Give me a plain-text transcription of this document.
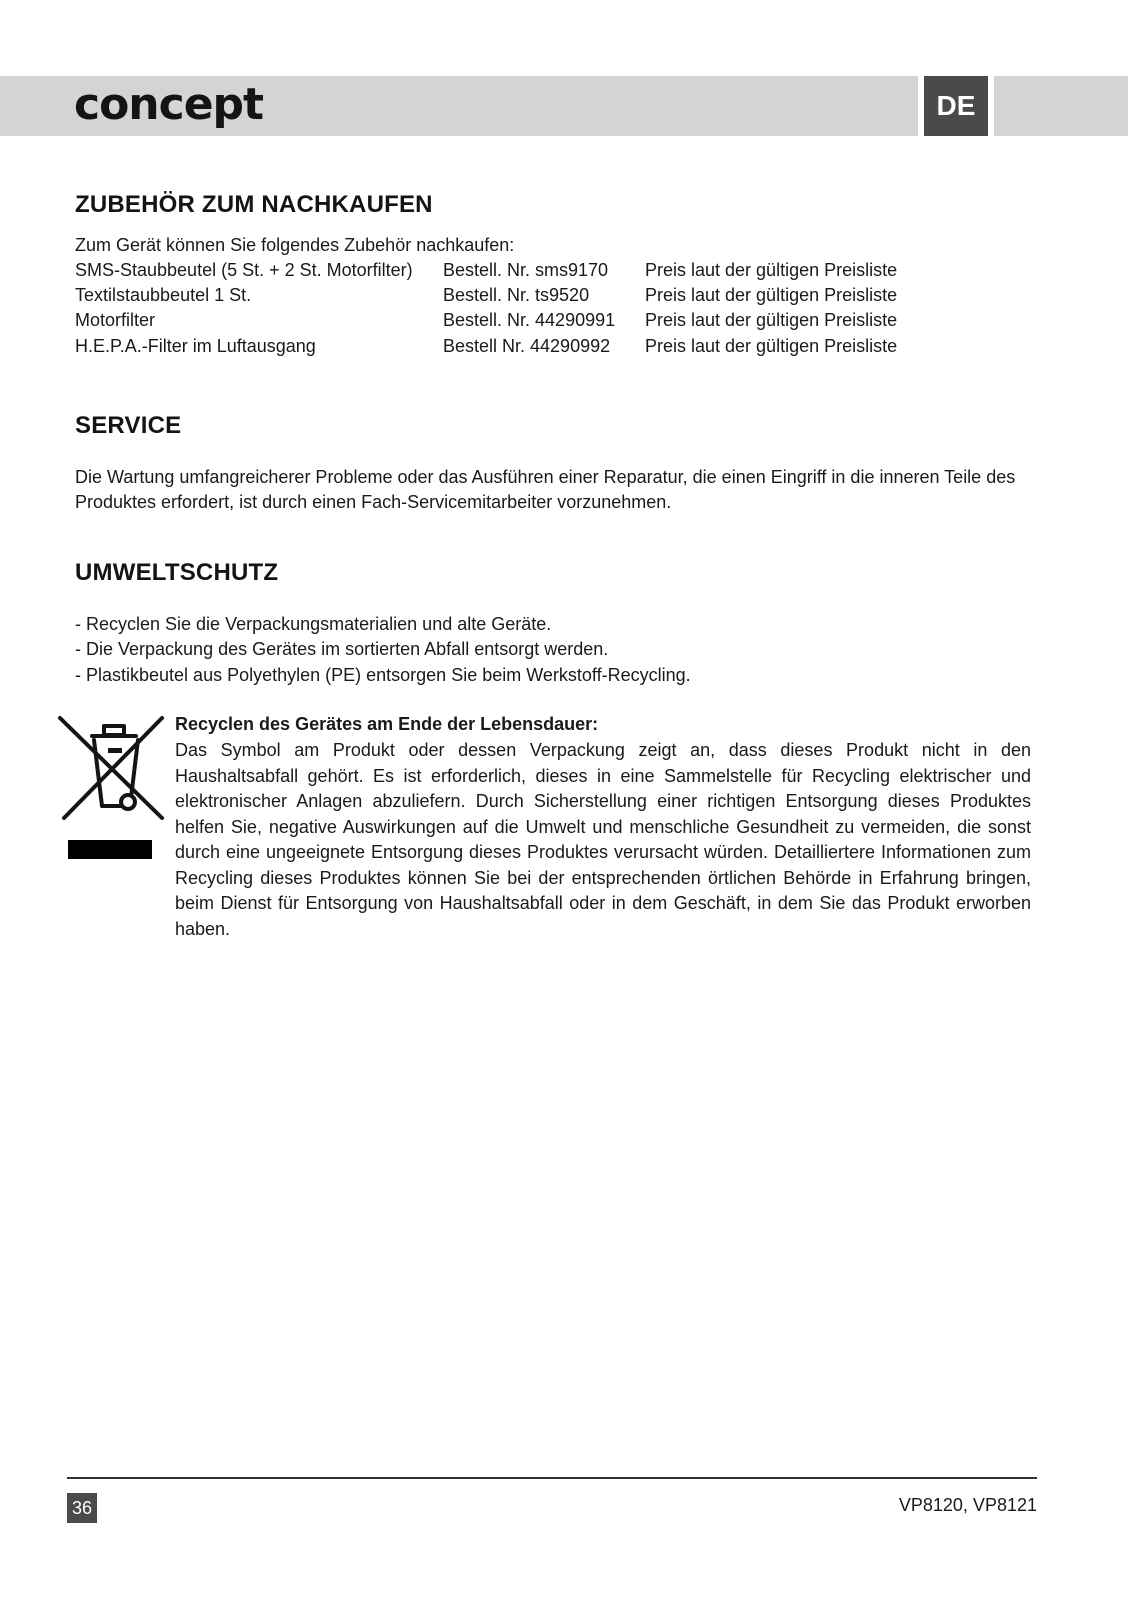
concept	DE
ZUBEHÖR ZUM NACHKAUFEN
Zum Gerät können Sie folgendes Zubehör nachkaufen:
SMS-Staubbeutel (5 St. + 2 St. Motorfilter) Bestell. Nr. sms9170 Preis laut der gültigen Preisliste
Textilstaubbeutel 1 St.	Bestell. Nr. ts9520	Preis laut der gültigen Preisliste
Motorfilter	Bestell. Nr. 44290991 Preis laut der gültigen Preisliste
H.E.P.A.-Filter im Luftausgang	Bestell Nr. 44290992 Preis laut der gültigen Preisliste
SERVICE
Die Wartung umfangreicherer Probleme oder das Ausführen einer Reparatur, die einen Eingriff in die inneren Teile des
Produktes erfordert, ist durch einen Fach-Servicemitarbeiter vorzunehmen.
UMWELTSCHUTZ
- Recyclen Sie die Verpackungsmaterialien und alte Geräte.
- Die Verpackung des Gerätes im sortierten Abfall entsorgt werden.
- Plastikbeutel aus Polyethylen (PE) entsorgen Sie beim Werkstoff-Recycling.
Recyclen des Gerätes am Ende der Lebensdauer:
Das Symbol am Produkt oder dessen Verpackung zeigt an, dass dieses Produkt nicht in den Haushaltsabfall gehört. Es ist erforderlich, dieses in eine Sammelstelle für Recycling elektrischer und elektronischer Anlagen abzuliefern. Durch Sicherstellung einer richtigen Entsorgung dieses Produktes helfen Sie, negative Auswirkungen auf die Umwelt und menschliche Gesundheit zu vermeiden, die sonst durch eine ungeeignete Entsorgung dieses Produktes verursacht würden. Detailliertere Informationen zum Recycling dieses Produktes können Sie bei der entsprechenden örtlichen Behörde in Erfahrung bringen, beim Dienst für Entsorgung von Haushaltsabfall oder in dem Geschäft, in dem Sie das Produkt erworben haben.
36	VP8120, VP8121
